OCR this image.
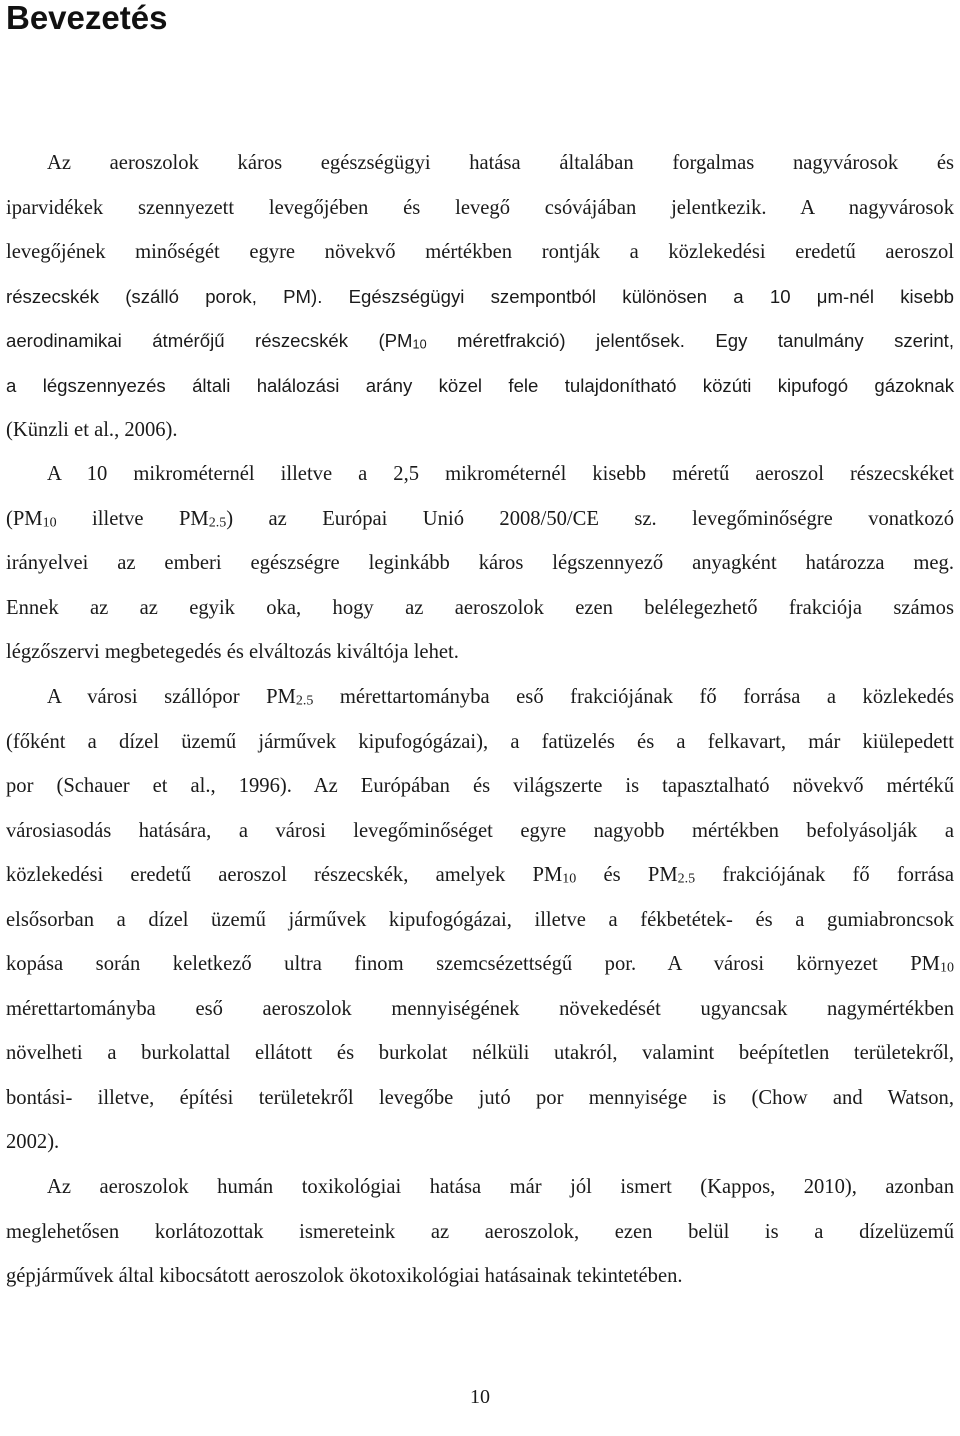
Bevezetés
Az aeroszolok káros egészségügyi hatása általában forgalmas nagyvárosok és
iparvidékek szennyezett levegőjében és levegő csóvájában jelentkezik. A nagyvárosok
levegőjének minőségét egyre növekvő mértékben rontják a közlekedési eredetű aeroszol
részecskék (szálló porok, PM). Egészségügyi szempontból különösen a 10 μm-nél kisebb
aerodinamikai átmérőjű részecskék ($PM_{10}$ méretfrakció) jelentősek. Egy tanulmány szerint,
a légszennyezés általi halálozási arány közel fele tulajdonítható közúti kipufogó gázoknak
(Künzli et al., 2006).
A 10 mikrométernél illetve a 2,5 mikrométernél kisebb méretű aeroszol részecskéket
($PM_{10}$ illetve $PM_{2.5}$) az Európai Unió 2008/50/CE sz. levegőminőségre vonatkozó
irányelvei az emberi egészségre leginkább káros légszennyező anyagként határozza meg.
Ennek az az egyik oka, hogy az aeroszolok ezen belélegezhető frakciója számos
légzőszervi megbetegedés és elváltozás kiváltója lehet.
A városi szállópor $PM_{2.5}$ mérettartományba eső frakciójának fő forrása a közlekedés
(főként a dízel üzemű járművek kipufogógázai), a fatüzelés és a felkavart, már kiülepedett
por (Schauer et al., 1996). Az Európában és világszerte is tapasztalható növekvő mértékű
városiasodás hatására, a városi levegőminőséget egyre nagyobb mértékben befolyásolják a
közlekedési eredetű aeroszol részecskék, amelyek $PM_{10}$ és $PM_{2.5}$ frakciójának fő forrása
elsősorban a dízel üzemű járművek kipufogógázai, illetve a fékbetétek- és a gumiabroncsok
kopása során keletkező ultra finom szemcsézettségű por. A városi környezet $PM_{10}$
mérettartományba eső aeroszolok mennyiségének növekedését ugyancsak nagymértékben
növelheti a burkolattal ellátott és burkolat nélküli utakról, valamint beépítetlen területekről,
bontási- illetve, építési területekről levegőbe jutó por mennyisége is (Chow and Watson,
2002).
Az aeroszolok humán toxikológiai hatása már jól ismert (Kappos, 2010), azonban
meglehetősen korlátozottak ismereteink az aeroszolok, ezen belül is a dízelüzemű
gépjárművek által kibocsátott aeroszolok ökotoxikológiai hatásainak tekintetében.
10
